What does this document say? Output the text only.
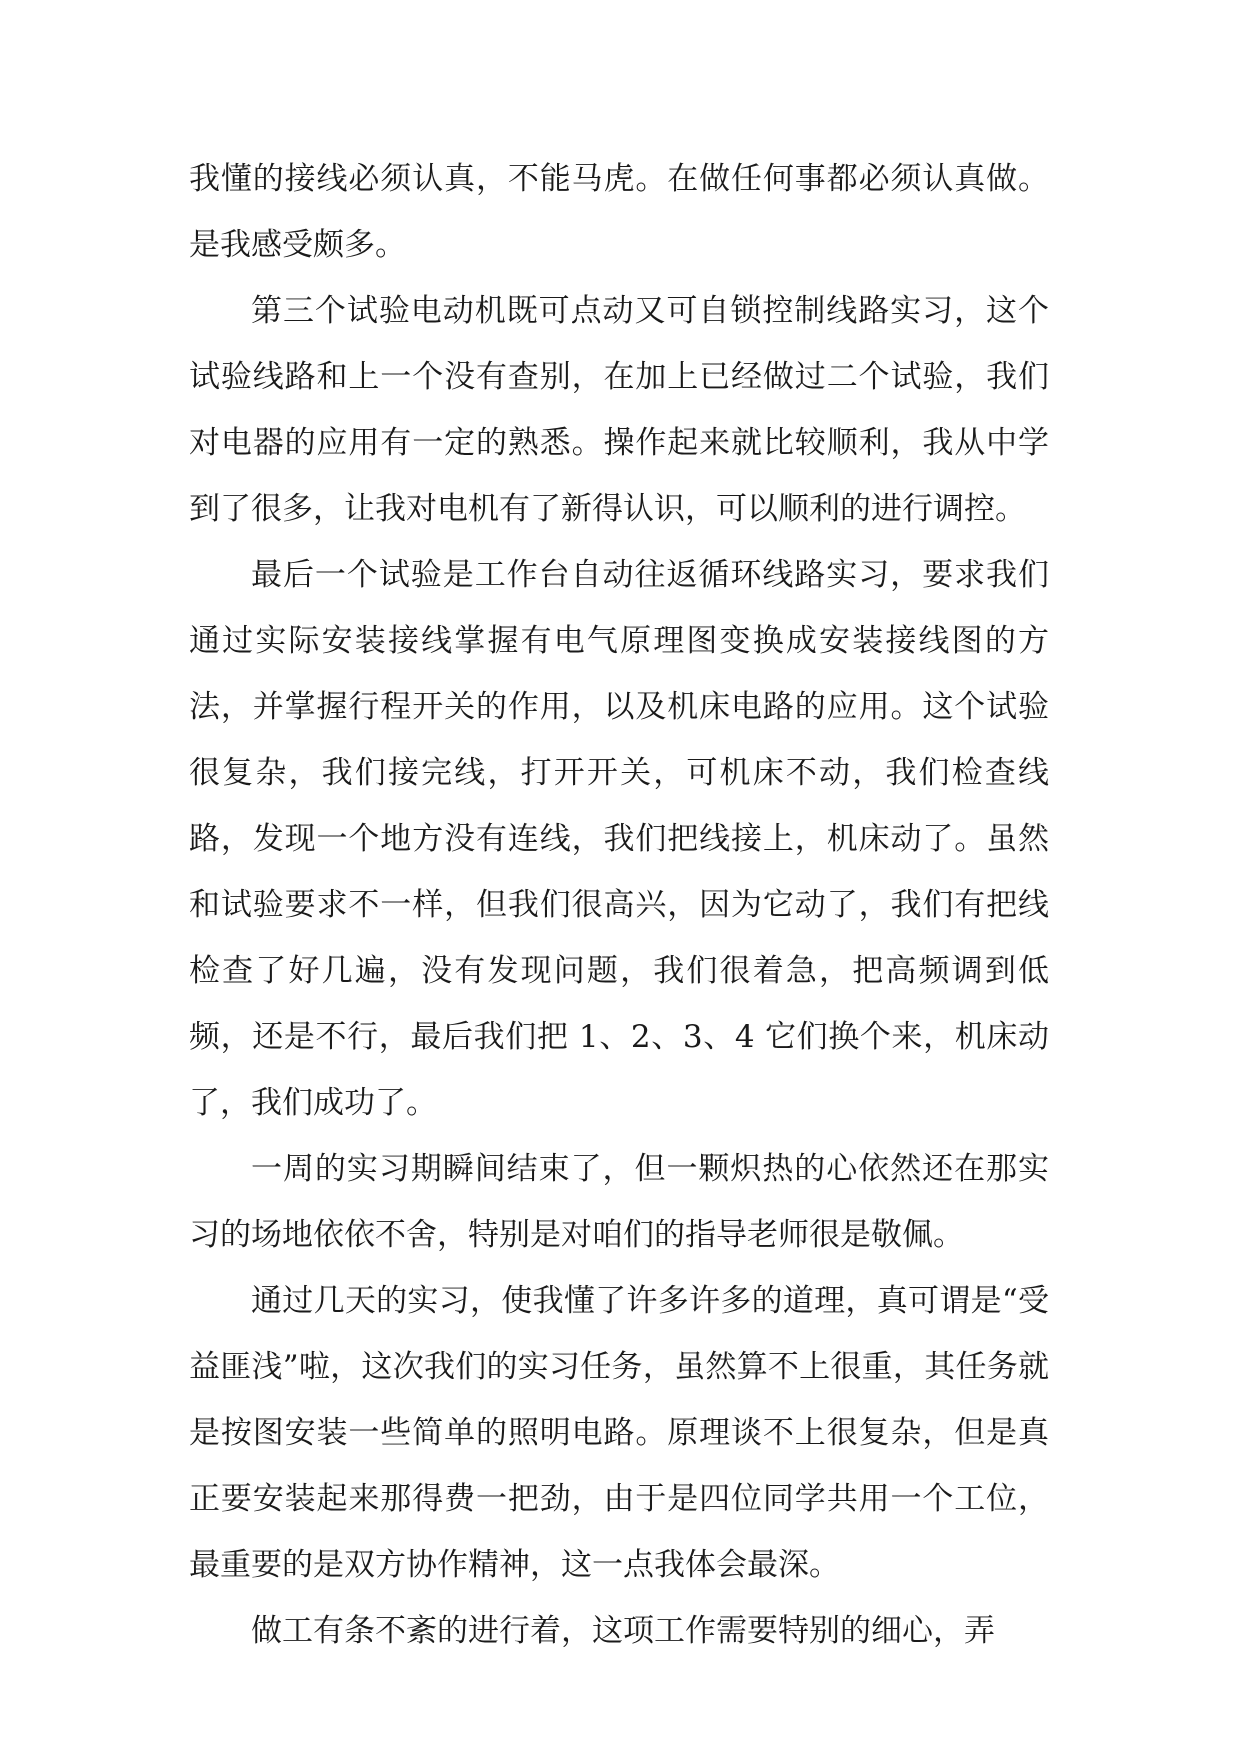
我懂的接线必须认真，不能马虎。在做任何事都必须认真做。是我感受颇多。

第三个试验电动机既可点动又可自锁控制线路实习，这个试验线路和上一个没有查别，在加上已经做过二个试验，我们对电器的应用有一定的熟悉。操作起来就比较顺利，我从中学到了很多，让我对电机有了新得认识，可以顺利的进行调控。

最后一个试验是工作台自动往返循环线路实习，要求我们通过实际安装接线掌握有电气原理图变换成安装接线图的方法，并掌握行程开关的作用，以及机床电路的应用。这个试验很复杂，我们接完线，打开开关，可机床不动，我们检查线路，发现一个地方没有连线，我们把线接上，机床动了。虽然和试验要求不一样，但我们很高兴，因为它动了，我们有把线检查了好几遍，没有发现问题，我们很着急，把高频调到低频，还是不行，最后我们把 1、2、3、4 它们换个来，机床动了，我们成功了。

一周的实习期瞬间结束了，但一颗炽热的心依然还在那实习的场地依依不舍，特别是对咱们的指导老师很是敬佩。

通过几天的实习，使我懂了许多许多的道理，真可谓是“受益匪浅”啦，这次我们的实习任务，虽然算不上很重，其任务就是按图安装一些简单的照明电路。原理谈不上很复杂，但是真正要安装起来那得费一把劲，由于是四位同学共用一个工位，最重要的是双方协作精神，这一点我体会最深。

做工有条不紊的进行着，这项工作需要特别的细心，弄
